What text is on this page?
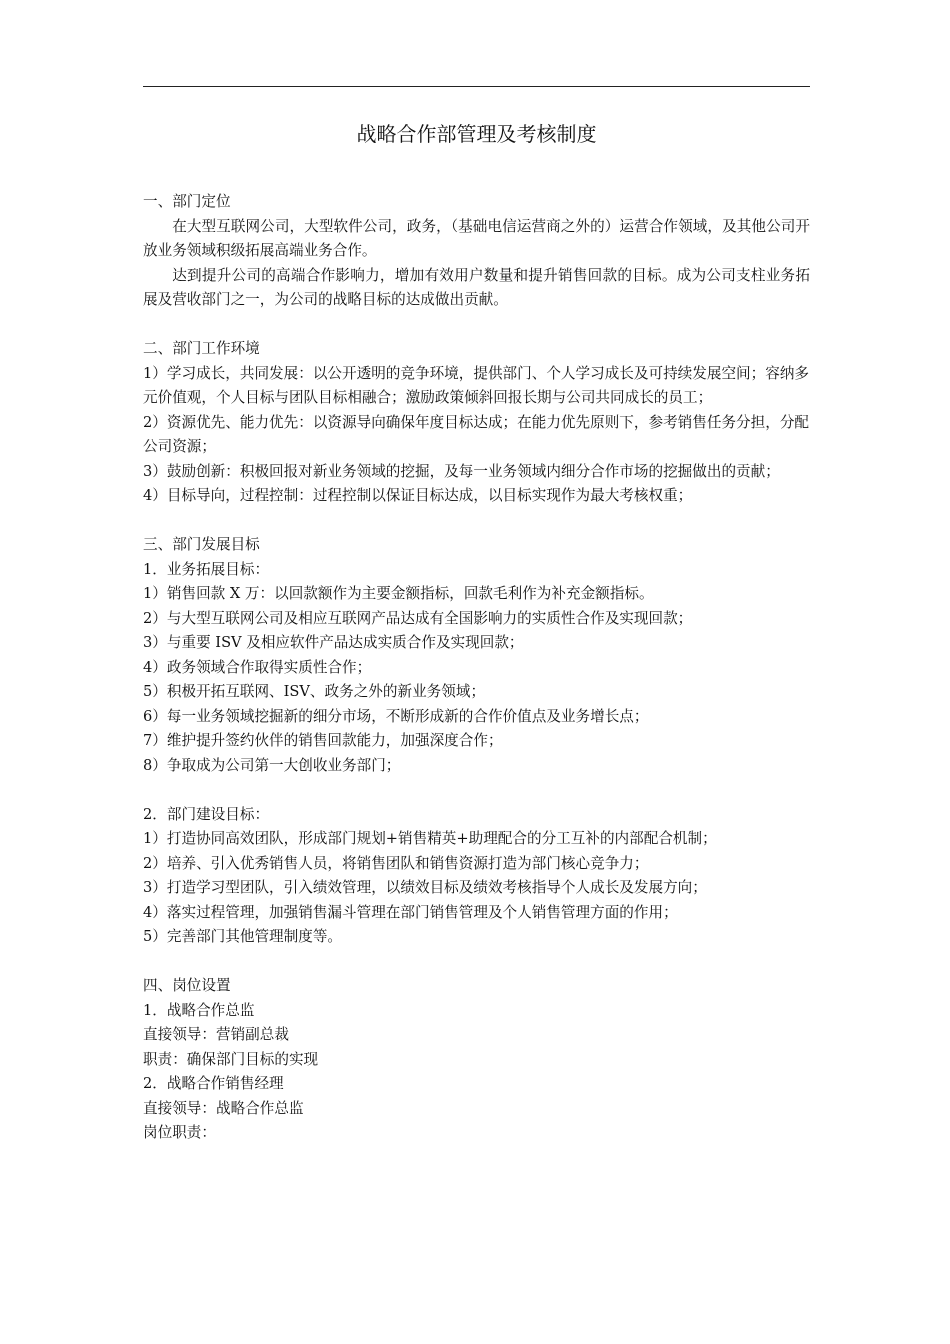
战略合作部管理及考核制度

一、部门定位

在大型互联网公司，大型软件公司，政务，（基础电信运营商之外的）运营合作领域，及其他公司开放业务领域积级拓展高端业务合作。

达到提升公司的高端合作影响力，增加有效用户数量和提升销售回款的目标。成为公司支柱业务拓展及营收部门之一，为公司的战略目标的达成做出贡献。

二、部门工作环境

1）学习成长，共同发展：以公开透明的竞争环境，提供部门、个人学习成长及可持续发展空间；容纳多元价值观，个人目标与团队目标相融合；激励政策倾斜回报长期与公司共同成长的员工；

2）资源优先、能力优先：以资源导向确保年度目标达成；在能力优先原则下，参考销售任务分担，分配公司资源；

3）鼓励创新：积极回报对新业务领域的挖掘，及每一业务领域内细分合作市场的挖掘做出的贡献；

4）目标导向，过程控制：过程控制以保证目标达成，以目标实现作为最大考核权重；

三、部门发展目标

1．业务拓展目标：

1）销售回款 X 万：以回款额作为主要金额指标，回款毛利作为补充金额指标。

2）与大型互联网公司及相应互联网产品达成有全国影响力的实质性合作及实现回款；

3）与重要 ISV 及相应软件产品达成实质合作及实现回款；

4）政务领域合作取得实质性合作；

5）积极开拓互联网、ISV、政务之外的新业务领域；

6）每一业务领域挖掘新的细分市场，不断形成新的合作价值点及业务增长点；

7）维护提升签约伙伴的销售回款能力，加强深度合作；

8）争取成为公司第一大创收业务部门；

2．部门建设目标：

1）打造协同高效团队，形成部门规划+销售精英+助理配合的分工互补的内部配合机制；

2）培养、引入优秀销售人员，将销售团队和销售资源打造为部门核心竞争力；

3）打造学习型团队，引入绩效管理，以绩效目标及绩效考核指导个人成长及发展方向；

4）落实过程管理，加强销售漏斗管理在部门销售管理及个人销售管理方面的作用；

5）完善部门其他管理制度等。

四、岗位设置

1．战略合作总监

直接领导：营销副总裁

职责：确保部门目标的实现

2．战略合作销售经理

直接领导：战略合作总监

岗位职责：
